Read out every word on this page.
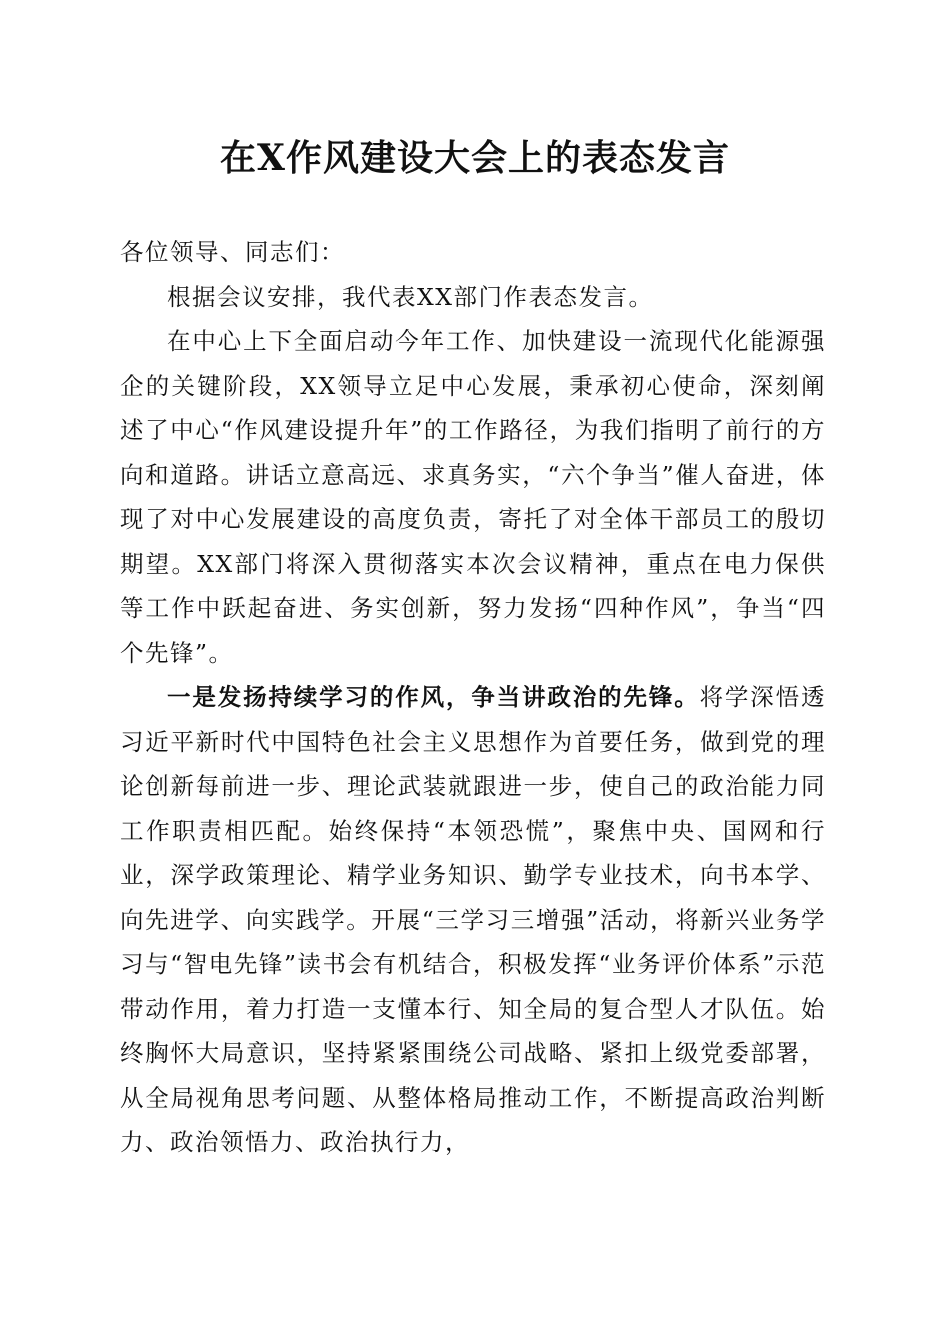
在X作风建设大会上的表态发言

各位领导、同志们：

根据会议安排，我代表XX部门作表态发言。

在中心上下全面启动今年工作、加快建设一流现代化能源强企的关键阶段，XX领导立足中心发展，秉承初心使命，深刻阐述了中心“作风建设提升年”的工作路径，为我们指明了前行的方向和道路。讲话立意高远、求真务实，“六个争当”催人奋进，体现了对中心发展建设的高度负责，寄托了对全体干部员工的殷切期望。XX部门将深入贯彻落实本次会议精神，重点在电力保供等工作中跃起奋进、务实创新，努力发扬“四种作风”，争当“四个先锋”。

一是发扬持续学习的作风，争当讲政治的先锋。将学深悟透习近平新时代中国特色社会主义思想作为首要任务，做到党的理论创新每前进一步、理论武装就跟进一步，使自己的政治能力同工作职责相匹配。始终保持“本领恐慌”，聚焦中央、国网和行业，深学政策理论、精学业务知识、勤学专业技术，向书本学、向先进学、向实践学。开展“三学习三增强”活动，将新兴业务学习与“智电先锋”读书会有机结合，积极发挥“业务评价体系”示范带动作用，着力打造一支懂本行、知全局的复合型人才队伍。始终胸怀大局意识，坚持紧紧围绕公司战略、紧扣上级党委部署，从全局视角思考问题、从整体格局推动工作，不断提高政治判断力、政治领悟力、政治执行力，
